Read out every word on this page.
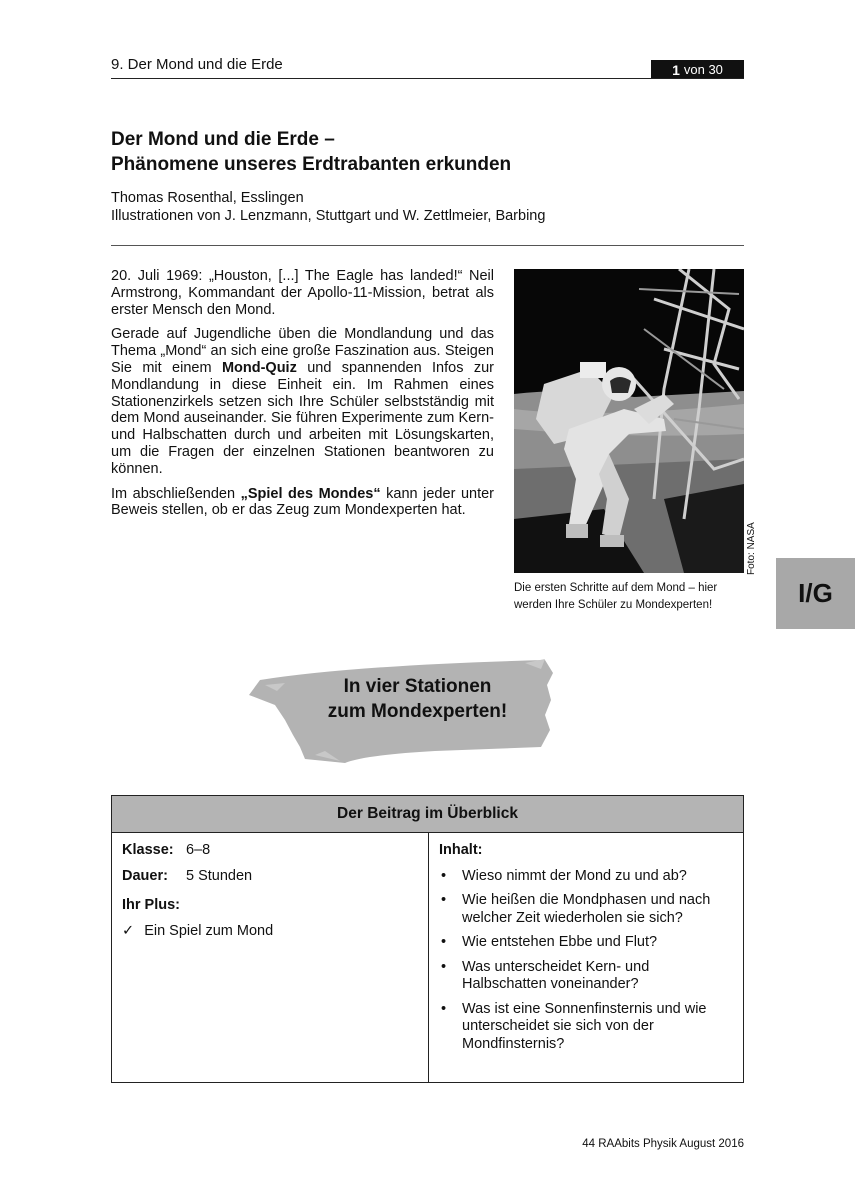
9. Der Mond und die Erde	1 von 30
Der Mond und die Erde –
Phänomene unseres Erdtrabanten erkunden
Thomas Rosenthal, Esslingen
Illustrationen von J. Lenzmann, Stuttgart und W. Zettlmeier, Barbing

20. Juli 1969: „Houston, [...] The Eagle has landed!“ Neil Armstrong, Kommandant der Apollo-11-Mission, betrat als erster Mensch den Mond.

Gerade auf Jugendliche üben die Mondlandung und das Thema „Mond“ an sich eine große Faszination aus. Steigen Sie mit einem Mond-Quiz und spannenden Infos zur Mondlandung in diese Einheit ein. Im Rahmen eines Stationenzirkels setzen sich Ihre Schüler selbstständig mit dem Mond auseinander. Sie führen Experimente zum Kern- und Halbschatten durch und arbeiten mit Lösungskarten, um die Fragen der einzelnen Stationen beantworen zu können.

Im abschließenden „Spiel des Mondes“ kann jeder unter Beweis stellen, ob er das Zeug zum Mondexperten hat.

Foto: NASA
Die ersten Schritte auf dem Mond – hier werden Ihre Schüler zu Mondexperten!	I/G
In vier Stationen
zum Mondexperten!
Der Beitrag im Überblick
Klasse: 6–8
Dauer:	5 Stunden
Ihr Plus:
✓ Ein Spiel zum Mond
Inhalt:
•	Wieso nimmt der Mond zu und ab?
•	Wie heißen die Mondphasen und nach welcher Zeit wiederholen sie sich?
•	Wie entstehen Ebbe und Flut?
•	Was unterscheidet Kern- und Halbschatten voneinander?
•	Was ist eine Sonnenfinsternis und wie unterscheidet sie sich von der Mondfinsternis?
44 RAAbits Physik August 2016
